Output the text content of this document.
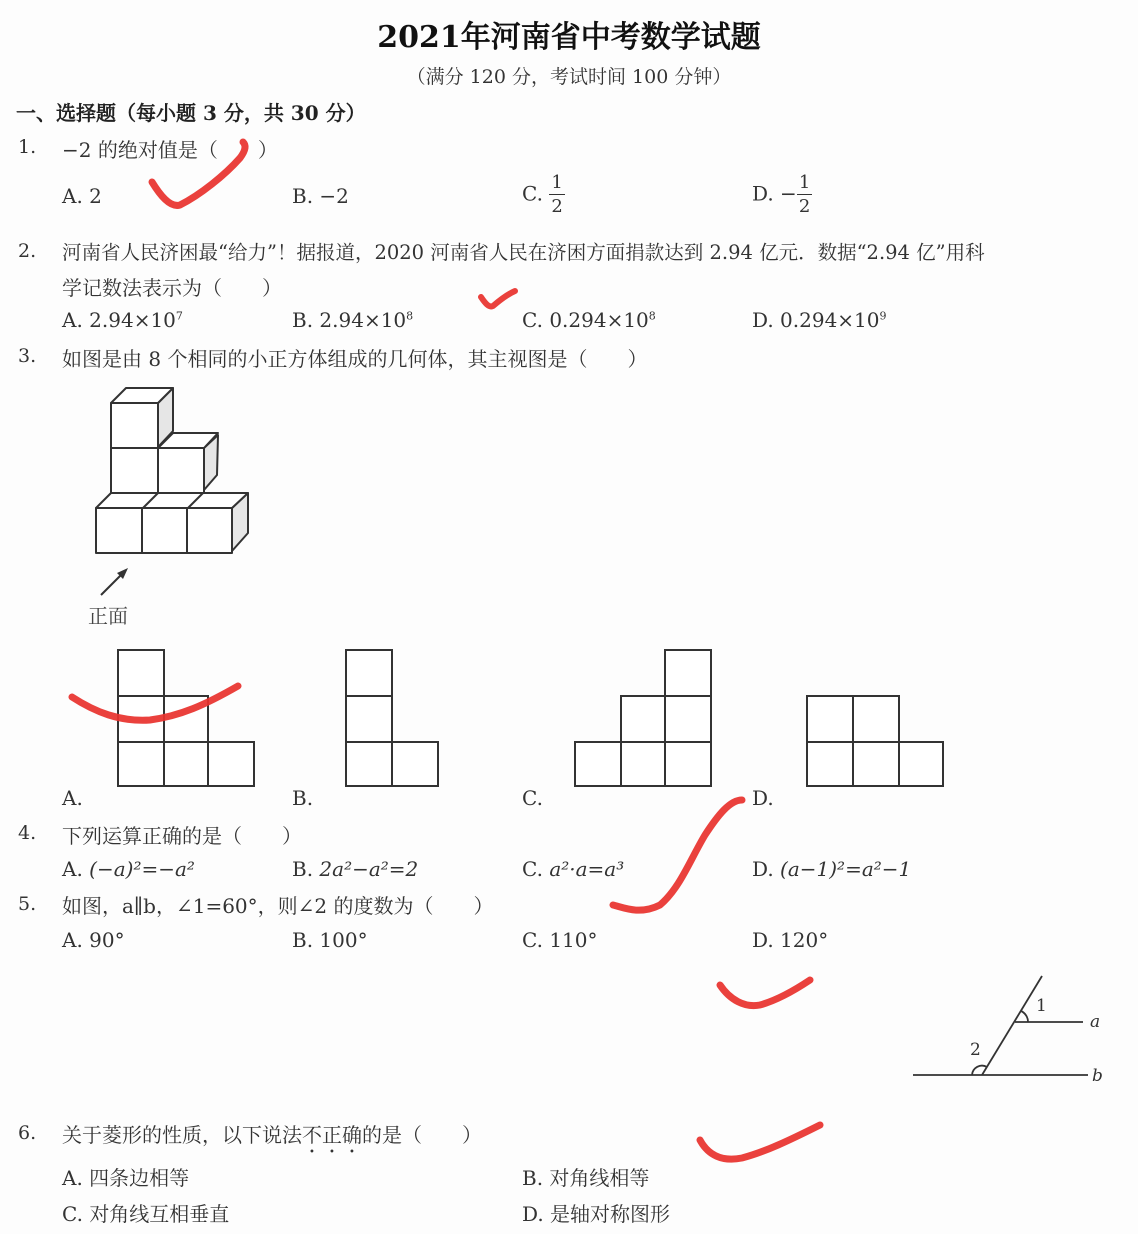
2021年河南省中考数学试题
（满分 120 分，考试时间 100 分钟）
一、选择题（每小题 3 分，共 30 分）
1. −2 的绝对值是（　　）
A. 2	B. −2	C. $\frac{1}{2}$	D. − $\frac{1}{2}$
2. 河南省人民济困最“给力”！据报道，2020 河南省人民在济困方面捐款达到 2.94 亿元．数据“2.94 亿”用科
学记数法表示为（　　）
A. $2.94\times 10^7$	B. $2.94\times 10^8$	C. $0.294\times 10^8$	D. $0.294\times 10^9$
3. 如图是由 8 个相同的小正方体组成的几何体，其主视图是（　　）
正面
A.	B.	C.	D.
4. 下列运算正确的是（　　）
A. (−a)²=−a²	B. 2a²−a²=2	C. a²·a=a³	D. (a−1)²=a²−1
5. 如图，a∥b，∠1=60°，则∠2 的度数为（　　）
A. 90°	B. 100°	C. 110°	D. 120°
1
a
2
b
6. 关于菱形的性质，以下说法不正确的是（　　）
A. 四条边相等	B. 对角线相等
C. 对角线互相垂直	D. 是轴对称图形
